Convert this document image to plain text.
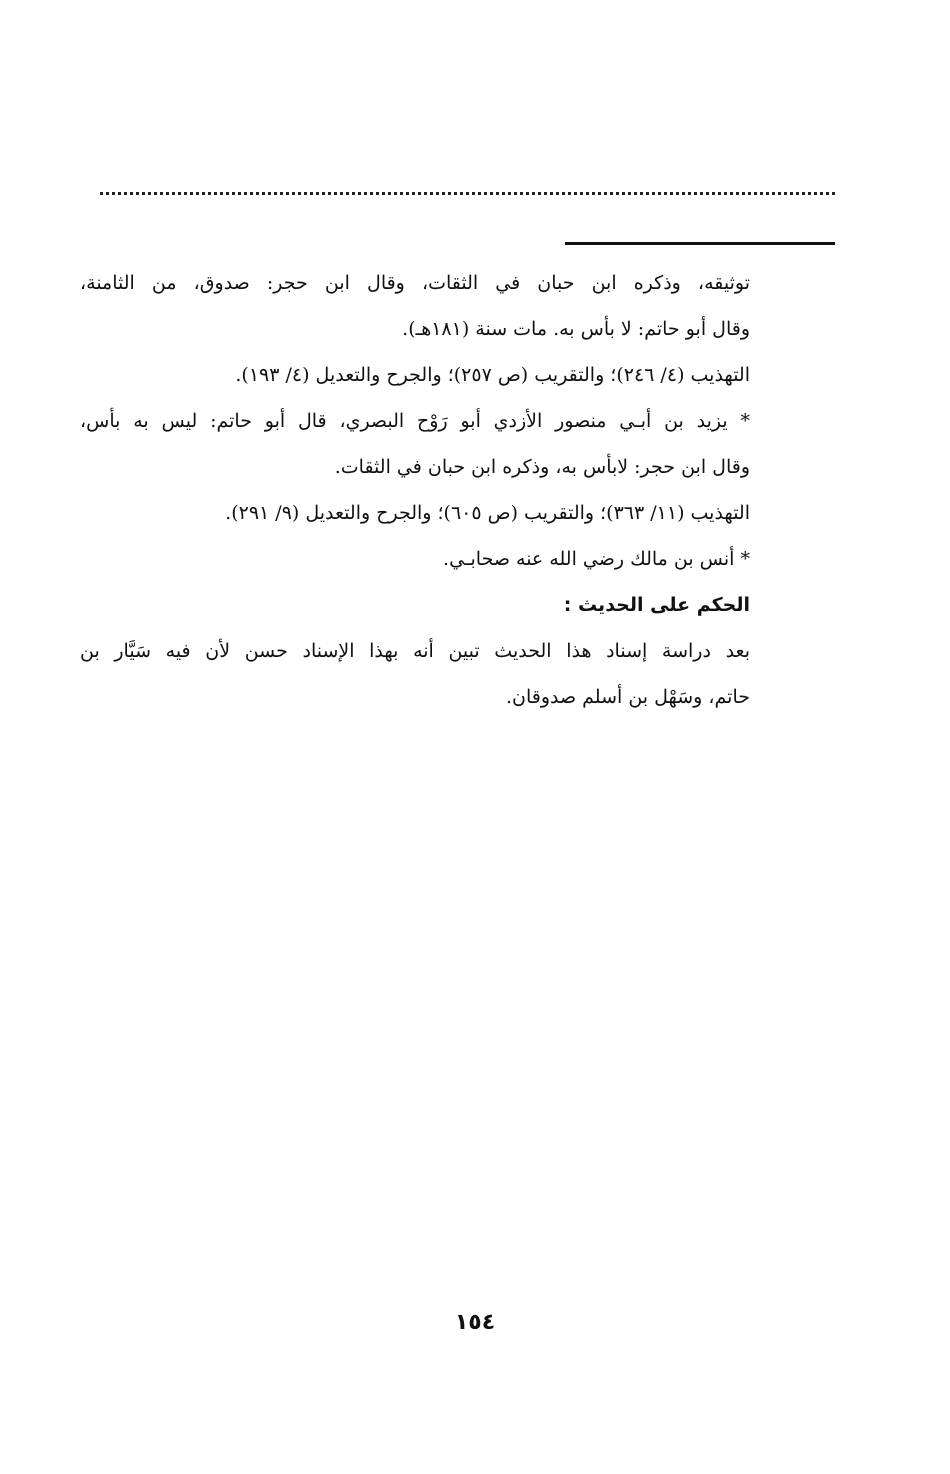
توثيقه، وذكره ابن حبان في الثقات، وقال ابن حجر: صدوق، من الثامنة،
وقال أبو حاتم: لا بأس به. مات سنة (١٨١هـ).
التهذيب (٤/ ٢٤٦)؛ والتقريب (ص ٢٥٧)؛ والجرح والتعديل (٤/ ١٩٣).
* يزيد بن أبـي منصور الأزدي أبو رَوْح البصري، قال أبو حاتم: ليس به بأس،
وقال ابن حجر: لابأس به، وذكره ابن حبان في الثقات.
التهذيب (١١/ ٣٦٣)؛ والتقريب (ص ٦٠٥)؛ والجرح والتعديل (٩/ ٢٩١).
* أنس بن مالك رضي الله عنه صحابـي.
الحكم على الحديث :
بعد دراسة إسناد هذا الحديث تبين أنه بهذا الإسناد حسن لأن فيه سَيَّار بن
حاتم، وسَهْل بن أسلم صدوقان.
١٥٤
